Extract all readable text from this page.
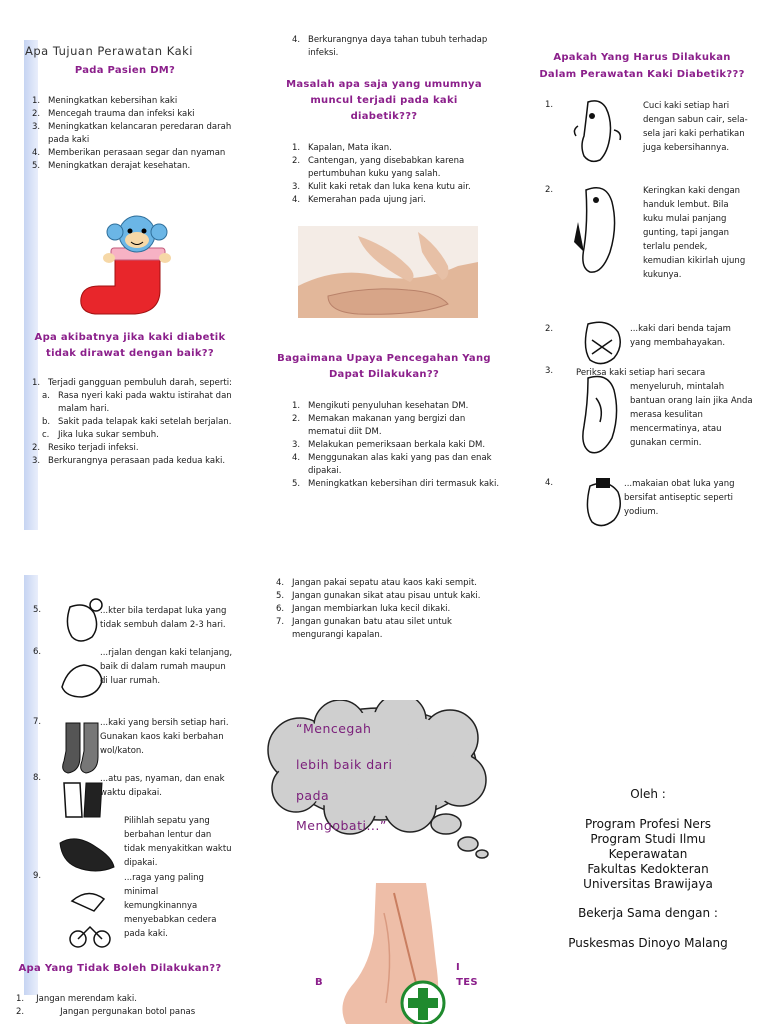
Apa Tujuan Perawatan Kaki
Pada Pasien DM?
1. Meningkatkan kebersihan kaki
2. Mencegah trauma dan infeksi kaki
3. Meningkatkan kelancaran peredaran darah pada kaki
4. Memberikan perasaan segar dan nyaman
5. Meningkatkan derajat kesehatan.
Apa akibatnya jika kaki diabetik
tidak dirawat dengan baik??
1. Terjadi gangguan pembuluh darah, seperti:
a. Rasa nyeri kaki pada waktu istirahat dan malam hari.
b. Sakit pada telapak kaki setelah berjalan.
c. Jika luka sukar sembuh.
2. Resiko terjadi infeksi.
3. Berkurangnya perasaan pada kedua kaki.
4. Berkurangnya daya tahan tubuh terhadap infeksi.
Masalah apa saja yang umumnya
muncul terjadi pada kaki
diabetik???
1. Kapalan, Mata ikan.
2. Cantengan, yang disebabkan karena pertumbuhan kuku yang salah.
3. Kulit kaki retak dan luka kena kutu air.
4. Kemerahan pada ujung jari.
Bagaimana Upaya Pencegahan Yang
Dapat Dilakukan??
1. Mengikuti penyuluhan kesehatan DM.
2. Memakan makanan yang bergizi dan mematui diit DM.
3. Melakukan pemeriksaan berkala kaki DM.
4. Menggunakan alas kaki yang pas dan enak dipakai.
5. Meningkatkan kebersihan diri termasuk kaki.
Apakah Yang Harus Dilakukan
Dalam Perawatan Kaki Diabetik???
1.	Cuci kaki setiap hari dengan sabun cair, sela-sela jari kaki perhatikan juga kebersihannya.
2.	Keringkan kaki dengan handuk lembut. Bila kuku mulai panjang gunting, tapi jangan terlalu pendek, kemudian kikirlah ujung kukunya.
2.	...kaki dari benda tajam yang membahayakan.
3.	Periksa kaki setiap hari secara menyeluruh, mintalah bantuan orang lain jika Anda merasa kesulitan mencermatinya, atau gunakan cermin.
4.	...makaian obat luka yang bersifat antiseptic seperti yodium.
5.	...kter bila terdapat luka yang tidak sembuh dalam 2-3 hari.
6.	...rjalan dengan kaki telanjang, baik di dalam rumah maupun di luar rumah.
7.	...kaki yang bersih setiap hari. Gunakan kaos kaki berbahan wol/katon.
8.	...atu pas, nyaman, dan enak waktu dipakai.
Pilihlah sepatu yang berbahan lentur dan tidak menyakitkan waktu dipakai.
9.	...raga yang paling minimal kemungkinannya menyebabkan cedera pada kaki.
Apa Yang Tidak Boleh Dilakukan??
1. Jangan merendam kaki.
2.	Jangan pergunakan botol panas
4. Jangan pakai sepatu atau kaos kaki sempit.
5. Jangan gunakan sikat atau pisau untuk kaki.
6. Jangan membiarkan luka kecil dikaki.
7. Jangan gunakan batu atau silet untuk mengurangi kapalan.
“Mencegah
lebih baik dari
pada
Mengobati...”
I
B	TES
Oleh :
Program Profesi Ners
Program Studi Ilmu
Keperawatan
Fakultas Kedokteran
Universitas Brawijaya
Bekerja Sama dengan :
Puskesmas Dinoyo Malang
